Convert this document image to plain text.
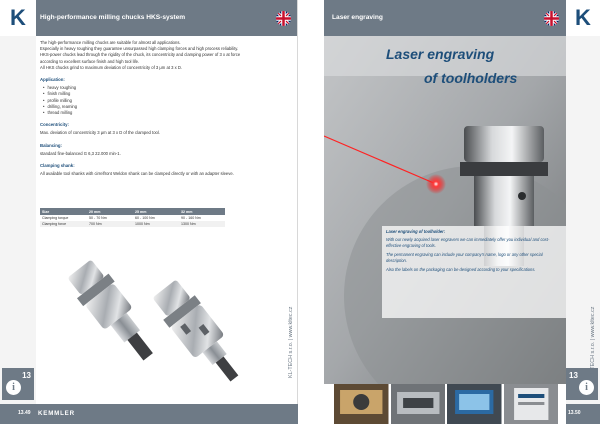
K High-performance milling chucks HKS-system

The high-performance milling chucks are suitable for almost all applications.

Especially in heavy roughing they guarantee unsurpassed high clamping forces and high process reliability.

HKS-power chucks lead through the rigidity of the chuck, its concentricity and clamping power of 3 x at force

according to excellent surface finish and high tool life.

All HKS chucks grind to maximum deviation of concentricity of 3 μm at 3 x D.

Application:
• heavy roughing
• finish milling
• profile milling
• drilling, reaming
• thread milling
Concentricity:
Max. deviation of concentricity 3 μm at 3 x D of the clamped tool.
Balancing:
standard fine-balanced G 6,3 22.000 min-1.
Clamping shank:
All available tool shanks with cirrelfront Weldon shank can be clamped directly or with an adapter sleeve.
Size	20 mm	25 mm	32 mm
Clamping torque	50 - 70 Nm	60 - 100 Nm	90 - 160 Nm
Clamping force	700 Nm	1000 Nm	1300 Nm
13
i
KL-TECH s.r.o. | www.kltec.cz
13.49 KEMMLER
Laser engraving	K
Laser engraving
of toolholders
Laser engraving of toolholder:

With our newly acquired laser engravers we can immediately offer you individual and cost-effective engraving of tools.

The permanent engraving can include your company's name, logo or any other special description.

Also the labels on the packaging can be designed according to your specifications.

13
i
KL-TECH s.r.o. | www.kltec.cz
13.50
